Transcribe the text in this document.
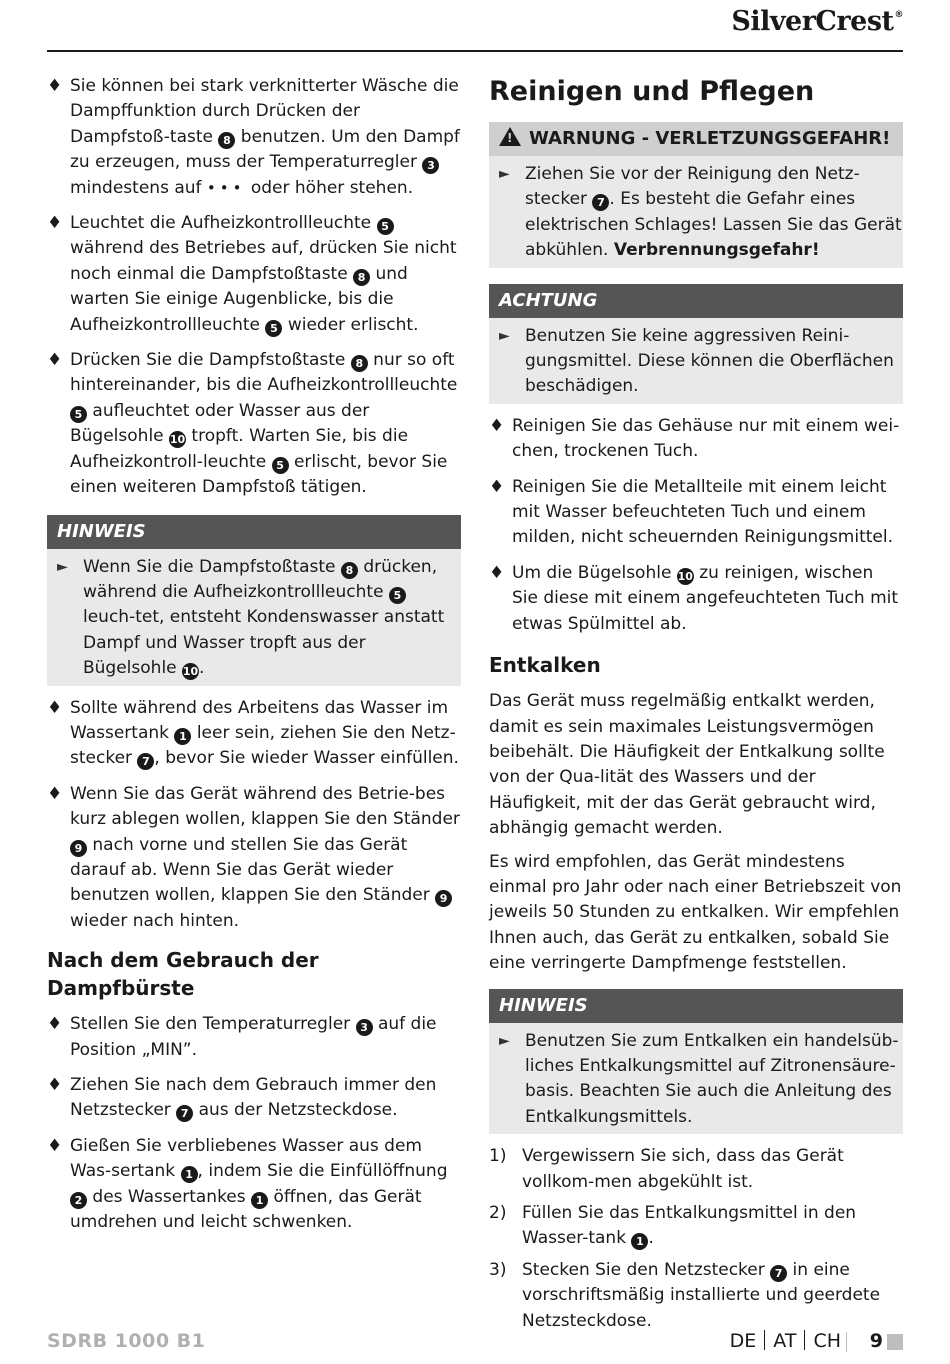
SilverCrest®
♦ Sie können bei stark verknitterter Wäsche die Dampffunktion durch Drücken der Dampfstoß-taste 8 benutzen. Um den Dampf zu erzeugen, muss der Temperaturregler 3 mindestens auf ••• oder höher stehen.
♦ Leuchtet die Aufheizkontrollleuchte 5 während des Betriebes auf, drücken Sie nicht noch einmal die Dampfstoßtaste 8 und warten Sie einige Augenblicke, bis die Aufheizkontrollleuchte 5 wieder erlischt.
♦ Drücken Sie die Dampfstoßtaste 8 nur so oft hintereinander, bis die Aufheizkontrollleuchte 5 aufleuchtet oder Wasser aus der Bügelsohle 10 tropft. Warten Sie, bis die Aufheizkontroll-leuchte 5 erlischt, bevor Sie einen weiteren Dampfstoß tätigen.
HINWEIS
► Wenn Sie die Dampfstoßtaste 8 drücken, während die Aufheizkontrollleuchte 5 leuch-tet, entsteht Kondenswasser anstatt Dampf und Wasser tropft aus der Bügelsohle 10.
♦ Sollte während des Arbeitens das Wasser im Wassertank 1 leer sein, ziehen Sie den Netz-stecker 7 , bevor Sie wieder Wasser einfüllen.
♦ Wenn Sie das Gerät während des Betrie-bes kurz ablegen wollen, klappen Sie den Ständer 9 nach vorne und stellen Sie das Gerät darauf ab. Wenn Sie das Gerät wieder benutzen wollen, klappen Sie den Ständer 9 wieder nach hinten.
Nach dem Gebrauch der Dampfbürste
♦ Stellen Sie den Temperaturregler 3 auf die Position „MIN”.
♦ Ziehen Sie nach dem Gebrauch immer den Netzstecker 7 aus der Netzsteckdose.
♦ Gießen Sie verbliebenes Wasser aus dem Was-sertank 1 , indem Sie die Einfüllöffnung 2 des Wassertankes 1 öffnen, das Gerät umdrehen und leicht schwenken.
Reinigen und Pflegen
!WARNUNG - VERLETZUNGSGEFAHR!
► Ziehen Sie vor der Reinigung den Netz-stecker 7 . Es besteht die Gefahr eines elektrischen Schlages! Lassen Sie das Gerät abkühlen. Verbrennungsgefahr!
ACHTUNG
► Benutzen Sie keine aggressiven Reini-gungsmittel. Diese können die Oberflächen beschädigen.
♦ Reinigen Sie das Gehäuse nur mit einem wei-chen, trockenen Tuch.
♦ Reinigen Sie die Metallteile mit einem leicht mit Wasser befeuchteten Tuch und einem milden, nicht scheuernden Reinigungsmittel.
♦ Um die Bügelsohle 10 zu reinigen, wischen Sie diese mit einem angefeuchteten Tuch mit etwas Spülmittel ab.
Entkalken
Das Gerät muss regelmäßig entkalkt werden, damit es sein maximales Leistungsvermögen beibehält. Die Häufigkeit der Entkalkung sollte von der Qua-lität des Wassers und der Häufigkeit, mit der das Gerät gebraucht wird, abhängig gemacht werden.
Es wird empfohlen, das Gerät mindestens einmal pro Jahr oder nach einer Betriebszeit von jeweils 50 Stunden zu entkalken. Wir empfehlen Ihnen auch, das Gerät zu entkalken, sobald Sie eine verringerte Dampfmenge feststellen.
HINWEIS
► Benutzen Sie zum Entkalken ein handelsüb-liches Entkalkungsmittel auf Zitronensäure-basis. Beachten Sie auch die Anleitung des Entkalkungsmittels.
1) Vergewissern Sie sich, dass das Gerät vollkom-men abgekühlt ist.
2) Füllen Sie das Entkalkungsmittel in den Wasser-tank 1 .
3) Stecken Sie den Netzstecker 7 in eine vorschriftsmäßig installierte und geerdete Netzsteckdose.
SDRB 1000 B1	DE AT CH 9
